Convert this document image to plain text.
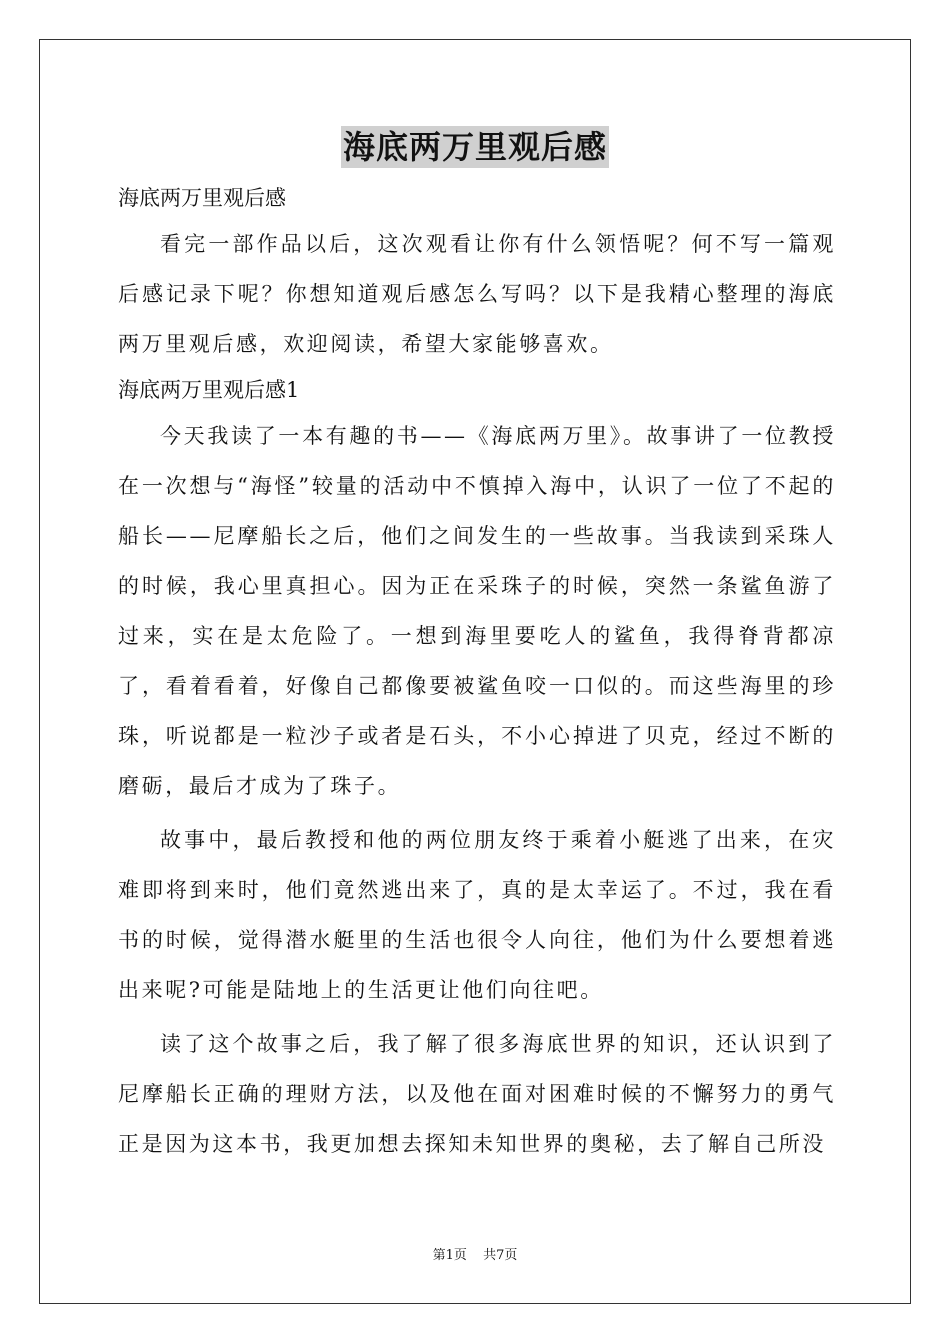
海底两万里观后感

海底两万里观后感

看完一部作品以后，这次观看让你有什么领悟呢？何不写一篇观后感记录下呢？你想知道观后感怎么写吗？以下是我精心整理的海底两万里观后感，欢迎阅读，希望大家能够喜欢。

海底两万里观后感1

今天我读了一本有趣的书——《海底两万里》。故事讲了一位教授在一次想与“海怪”较量的活动中不慎掉入海中，认识了一位了不起的船长——尼摩船长之后，他们之间发生的一些故事。当我读到采珠人的时候，我心里真担心。因为正在采珠子的时候，突然一条鲨鱼游了过来，实在是太危险了。一想到海里要吃人的鲨鱼，我得脊背都凉了，看着看着，好像自己都像要被鲨鱼咬一口似的。而这些海里的珍珠，听说都是一粒沙子或者是石头，不小心掉进了贝克，经过不断的磨砺，最后才成为了珠子。

故事中，最后教授和他的两位朋友终于乘着小艇逃了出来，在灾难即将到来时，他们竟然逃出来了，真的是太幸运了。不过，我在看书的时候，觉得潜水艇里的生活也很令人向往，他们为什么要想着逃出来呢?可能是陆地上的生活更让他们向往吧。

读了这个故事之后，我了解了很多海底世界的知识，还认识到了尼摩船长正确的理财方法，以及他在面对困难时候的不懈努力的勇气正是因为这本书，我更加想去探知未知世界的奥秘，去了解自己所没

第1页 共7页
